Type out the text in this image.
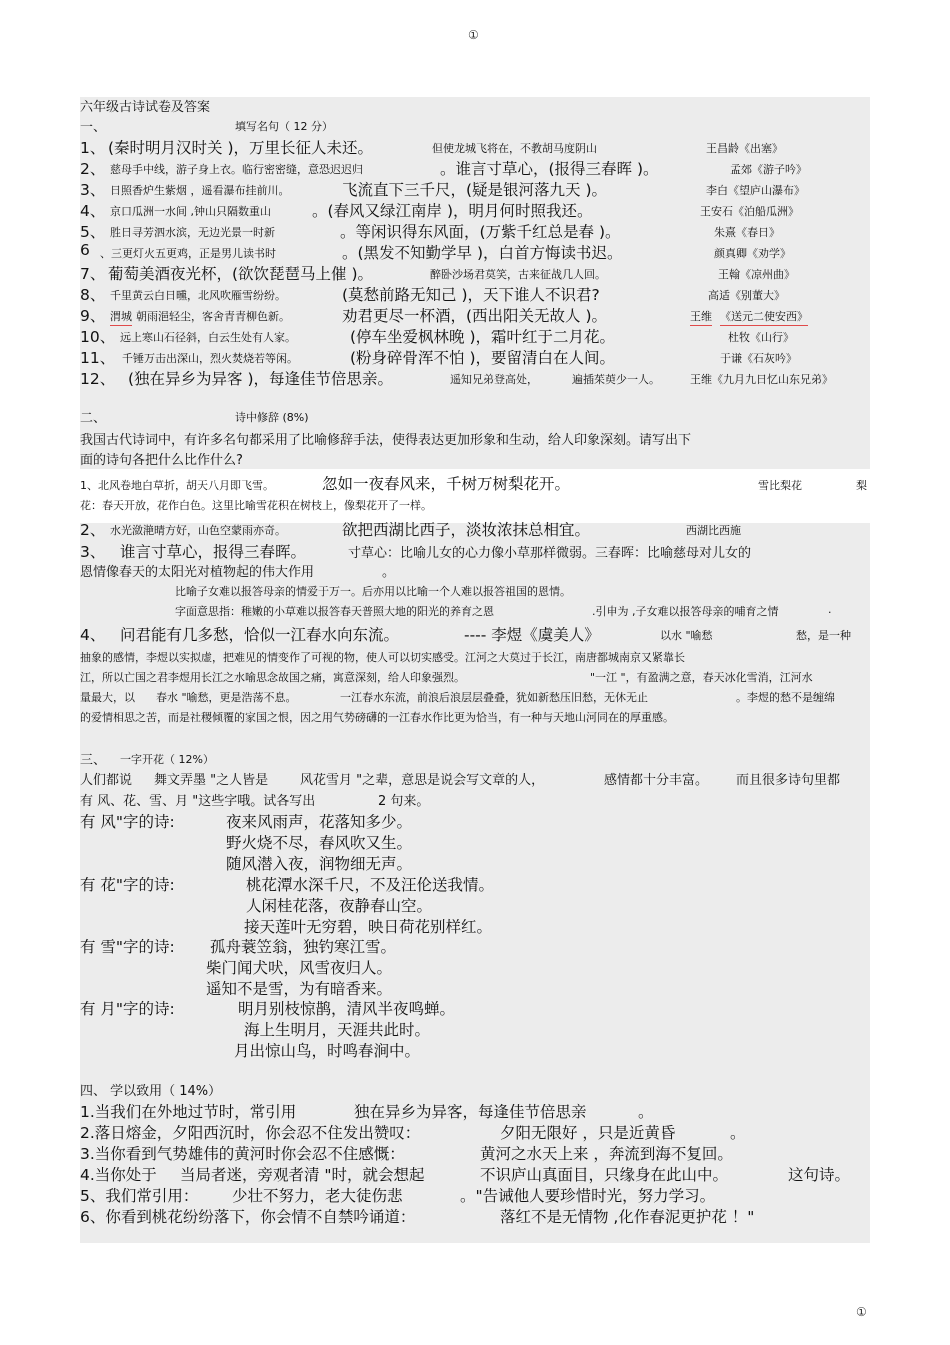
①
六年级古诗试卷及答案
一、	填写名句（ 12 分）
1、 (秦时明月汉时关 )，万里长征人未还。	但使龙城飞将在，不教胡马度阴山	王昌龄《出塞》
2、 慈母手中线，游子身上衣。临行密密缝，意恐迟迟归	。谁言寸草心，(报得三春晖 )。	孟郊《游子吟》
3、 日照香炉生紫烟 ，遥看瀑布挂前川。	飞流直下三千尺，(疑是银河落九天 )。	李白《望庐山瀑布》
4、 京口瓜洲一水间 ,钟山只隔数重山	。(春风又绿江南岸 )，明月何时照我还。	王安石《泊船瓜洲》
5、 胜日寻芳泗水滨，无边光景一时新	。等闲识得东风面，(万紫千红总是春 )。	朱熹《春日》
6 、三更灯火五更鸡，正是男儿读书时	。(黑发不知勤学早 )，白首方悔读书迟。	颜真卿《劝学》
7、 葡萄美酒夜光杯，(欲饮琵琶马上催 )。	醉卧沙场君莫笑，古来征战几人回。	王翰《凉州曲》
8、 千里黄云白日曛，北风吹雁雪纷纷。	(莫愁前路无知己 )，天下谁人不识君?	高适《别董大》
9、 渭城 朝雨浥轻尘，客舍青青柳色新。	劝君更尽一杯酒，(西出阳关无故人 )。	王维 《送元二使安西》
10、 远上寒山石径斜，白云生处有人家。	(停车坐爱枫林晚 )，霜叶红于二月花。	杜牧《山行》
11、 千锤万击出深山，烈火焚烧若等闲。	(粉身碎骨浑不怕 )，要留清白在人间。	于谦《石灰吟》
12、 (独在异乡为异客 )，每逢佳节倍思亲。	遥知兄弟登高处，	遍插茱萸少一人。	王维《九月九日忆山东兄弟》
二、	诗中修辞 (8%)
我国古代诗词中，有许多名句都采用了比喻修辞手法，使得表达更加形象和生动，给人印象深刻。请写出下
面的诗句各把什么比作什么?
1、北风卷地白草折，胡天八月即飞雪。	忽如一夜春风来，千树万树梨花开。	雪比梨花	梨
花：春天开放，花作白色。这里比喻雪花积在树枝上，像梨花开了一样。
2、 水光潋滟晴方好，山色空蒙雨亦奇。	欲把西湖比西子，淡妆浓抹总相宜。	西湖比西施
3、 谁言寸草心，报得三春晖。	寸草心：比喻儿女的心力像小草那样微弱。三春晖：比喻慈母对儿女的
恩情像春天的太阳光对植物起的伟大作用	。
比喻子女难以报答母亲的情爱于万一。后亦用以比喻一个人难以报答祖国的恩情。
字面意思指：稚嫩的小草难以报答春天普照大地的阳光的养育之恩	.引申为 ,子女难以报答母亲的哺育之情	.
4、 问君能有几多愁，恰似一江春水向东流。	---- 李煜《虞美人》	以水 "喻愁	愁，是一种
抽象的感情，李煜以实拟虚，把难见的情变作了可视的物，使人可以切实感受。江河之大莫过于长江，南唐都城南京又紧靠长
江，所以亡国之君李煜用长江之水喻思念故国之痛，寓意深刻，给人印象强烈。	"一江 "，有盈满之意，春天冰化雪消，江河水
量最大，以 春水 "喻愁，更是浩荡不息。	一江春水东流，前浪后浪层层叠叠，犹如新愁压旧愁，无休无止	。李煜的愁不是缠绵
的爱情相思之苦，而是社稷倾覆的家国之恨，因之用气势磅礴的一江春水作比更为恰当，有一种与天地山河同在的厚重感。
三、 一字开花（ 12%）
人们都说 舞文弄墨 "之人皆是 风花雪月 "之辈，意思是说会写文章的人，	感情都十分丰富。 而且很多诗句里都
有 风、花、雪、月 "这些字哦。试各写出	2 句来。
有 风"字的诗:	夜来风雨声，花落知多少。
野火烧不尽，春风吹又生。
随风潜入夜，润物细无声。
有 花"字的诗:	桃花潭水深千尺，不及汪伦送我情。
人闲桂花落，夜静春山空。
接天莲叶无穷碧，映日荷花别样红。
有 雪"字的诗: 孤舟蓑笠翁，独钓寒江雪。
柴门闻犬吠，风雪夜归人。
遥知不是雪，为有暗香来。
有 月"字的诗:	明月别枝惊鹊，清风半夜鸣蝉。
海上生明月，天涯共此时。
月出惊山鸟，时鸣春涧中。
四、 学以致用（ 14%）
1.当我们在外地过节时，常引用	独在异乡为异客，每逢佳节倍思亲	。
2.落日熔金，夕阳西沉时，你会忍不住发出赞叹：	夕阳无限好 ，只是近黄昏	。
3.当你看到气势雄伟的黄河时你会忍不住感慨：	黄河之水天上来 ，奔流到海不复回。
4.当你处于 当局者迷，旁观者清 "时，就会想起	不识庐山真面目，只缘身在此山中。	这句诗。
5、我们常引用： 少壮不努力，老大徒伤悲	。"告诫他人要珍惜时光，努力学习。
6、你看到桃花纷纷落下，你会情不自禁吟诵道：	落红不是无情物 ,化作春泥更护花 ！"
①
